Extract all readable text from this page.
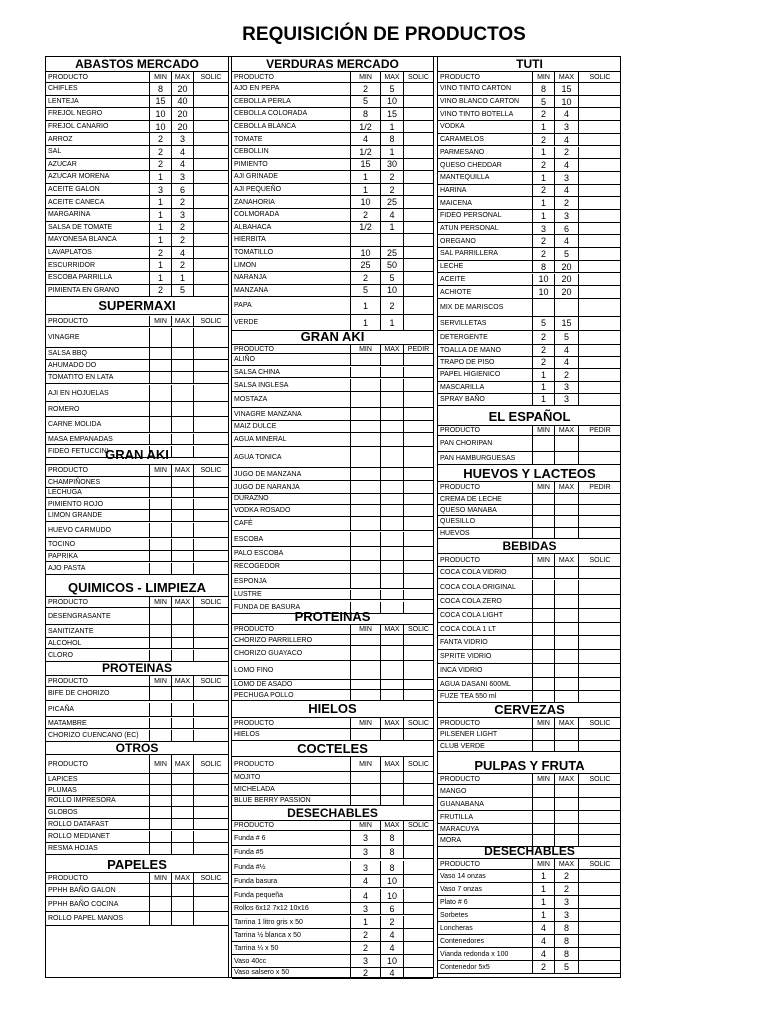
REQUISICIÓN DE PRODUCTOS
ABASTOS MERCADO
PRODUCTO	MIN	MAX	SOLIC
CHIFLES	8	20
LENTEJA	15	40
FREJOL NEGRO	10	20
FREJOL CANARIO	10	20
ARROZ	2	3
SAL	2	4
AZUCAR	2	4
AZUCAR MORENA	1	3
ACEITE GALON	3	6
ACEITE CANECA	1	2
MARGARINA	1	3
SALSA DE TOMATE	1	2
MAYONESA BLANCA	1	2
LAVAPLATOS	2	4
ESCURRIDOR	1	2
ESCOBA PARRILLA	1	1
PIMIENTA EN GRANO	2	5
SUPERMAXI
PRODUCTO	MIN	MAX	SOLIC
VINAGRE
SALSA BBQ
AHUMADO DO
TOMATITO EN LATA
AJI EN HOJUELAS
ROMERO
CARNE MOLIDA
MASA EMPANADAS
FIDEO FETUCCINI
GRAN AKI
PRODUCTO	MIN	MAX	SOLIC
CHAMPIÑONES
LECHUGA
PIMIENTO ROJO
LIMON GRANDE
HUEVO CARMUDO
TOCINO
PAPRIKA
AJO PASTA
QUIMICOS - LIMPIEZA
PRODUCTO	MIN	MAX	SOLIC
DESENGRASANTE
SANITIZANTE
ALCOHOL
CLORO
PROTEINAS
PRODUCTO	MIN	MAX	SOLIC
BIFE DE CHORIZO
PICAÑA
MATAMBRE
CHORIZO CUENCANO (EC)
OTROS
PRODUCTO	MIN	MAX	SOLIC
LAPICES
PLUMAS
ROLLO IMPRESORA
GLOBOS
ROLLO DATAFAST
ROLLO MEDIANET
RESMA HOJAS
PAPELES
PRODUCTO	MIN	MAX	SOLIC
PPHH BAÑO GALON
PPHH BAÑO COCINA
ROLLO PAPEL MANOS
VERDURAS MERCADO
PRODUCTO	MIN	MAX	SOLIC
AJO EN PEPA	2	5
CEBOLLA PERLA	5	10
CEBOLLA COLORADA	8	15
CEBOLLA BLANCA	1/2	1
TOMATE	4	8
CEBOLLIN	1/2	1
PIMIENTO	15	30
AJI GRINADE	1	2
AJI PEQUEÑO	1	2
ZANAHORIA	10	25
COLMORADA	2	4
ALBAHACA	1/2	1
HIERBITA
TOMATILLO	10	25
LIMON	25	50
NARANJA	2	5
MANZANA	5	10
PAPA	1	2
VERDE	1	1
GRAN AKI
PRODUCTO	MIN	MAX	PEDIR
ALIÑO
SALSA CHINA
SALSA INGLESA
MOSTAZA
VINAGRE MANZANA
MAIZ DULCE
AGUA MINERAL
AGUA TONICA
JUGO DE MANZANA
JUGO DE NARANJA
DURAZNO
VODKA ROSADO
CAFÉ
ESCOBA
PALO ESCOBA
RECOGEDOR
ESPONJA
LUSTRE
FUNDA DE BASURA
PROTEINAS
PRODUCTO	MIN	MAX	SOLIC
CHORIZO PARRILLERO
CHORIZO GUAYACO
LOMO FINO
LOMO DE ASADO
PECHUGA POLLO
HIELOS
PRODUCTO	MIN	MAX	SOLIC
HIELOS
COCTELES
PRODUCTO	MIN	MAX	SOLIC
MOJITO
MICHELADA
BLUE BERRY PASSION
DESECHABLES
PRODUCTO	MIN	MAX	SOLIC
Funda # 6	3	8
Funda #5	3	8
Funda #½	3	8
Funda basura	4	10
Funda pequeña	4	10
Rollos 6x12 7x12 10x16	3	6
Tarrina 1 litro gris x 50	1	2
Tarrina ½ blanca x 50	2	4
Tarrina ¼ x 50	2	4
Vaso 40cc	3	10
Vaso salsero x 50	2	4
TUTI
PRODUCTO	MIN	MAX	SOLIC
VINO TINTO CARTON	8	15
VINO BLANCO CARTON	5	10
VINO TINTO BOTELLA	2	4
VODKA	1	3
CARAMELOS	2	4
PARMESANO	1	2
QUESO CHEDDAR	2	4
MANTEQUILLA	1	3
HARINA	2	4
MAICENA	1	2
FIDEO PERSONAL	1	3
ATUN PERSONAL	3	6
OREGANO	2	4
SAL PARRILLERA	2	5
LECHE	8	20
ACEITE	10	20
ACHIOTE	10	20
MIX DE MARISCOS
SERVILLETAS	5	15
DETERGENTE	2	5
TOALLA DE MANO	2	4
TRAPO DE PISO	2	4
PAPEL HIGIENICO	1	2
MASCARILLA	1	3
SPRAY BAÑO	1	3
EL ESPAÑOL
PRODUCTO	MIN	MAX	PEDIR
PAN CHORIPAN
PAN HAMBURGUESAS
HUEVOS Y LACTEOS
PRODUCTO	MIN	MAX	PEDIR
CREMA DE LECHE
QUESO MANABA
QUESILLO
HUEVOS
BEBIDAS
PRODUCTO	MIN	MAX	SOLIC
COCA COLA VIDRIO
COCA COLA ORIGINAL
COCA COLA ZERO
COCA COLA LIGHT
COCA COLA 1 LT
FANTA VIDRIO
SPRITE VIDRIO
INCA VIDRIO
AGUA DASANI 600ML
FUZE TEA 550 ml
CERVEZAS
PRODUCTO	MIN	MAX	SOLIC
PILSENER LIGHT
CLUB VERDE
PULPAS Y FRUTA
PRODUCTO	MIN	MAX	SOLIC
MANGO
GUANABANA
FRUTILLA
MARACUYA
MORA
DESECHABLES
PRODUCTO	MIN	MAX	SOLIC
Vaso 14 onzas	1	2
Vaso 7 onzas	1	2
Plato # 6	1	3
Sorbetes	1	3
Loncheras	4	8
Contenedores	4	8
Vianda redonda x 100	4	8
Contenedor 5x5	2	5
